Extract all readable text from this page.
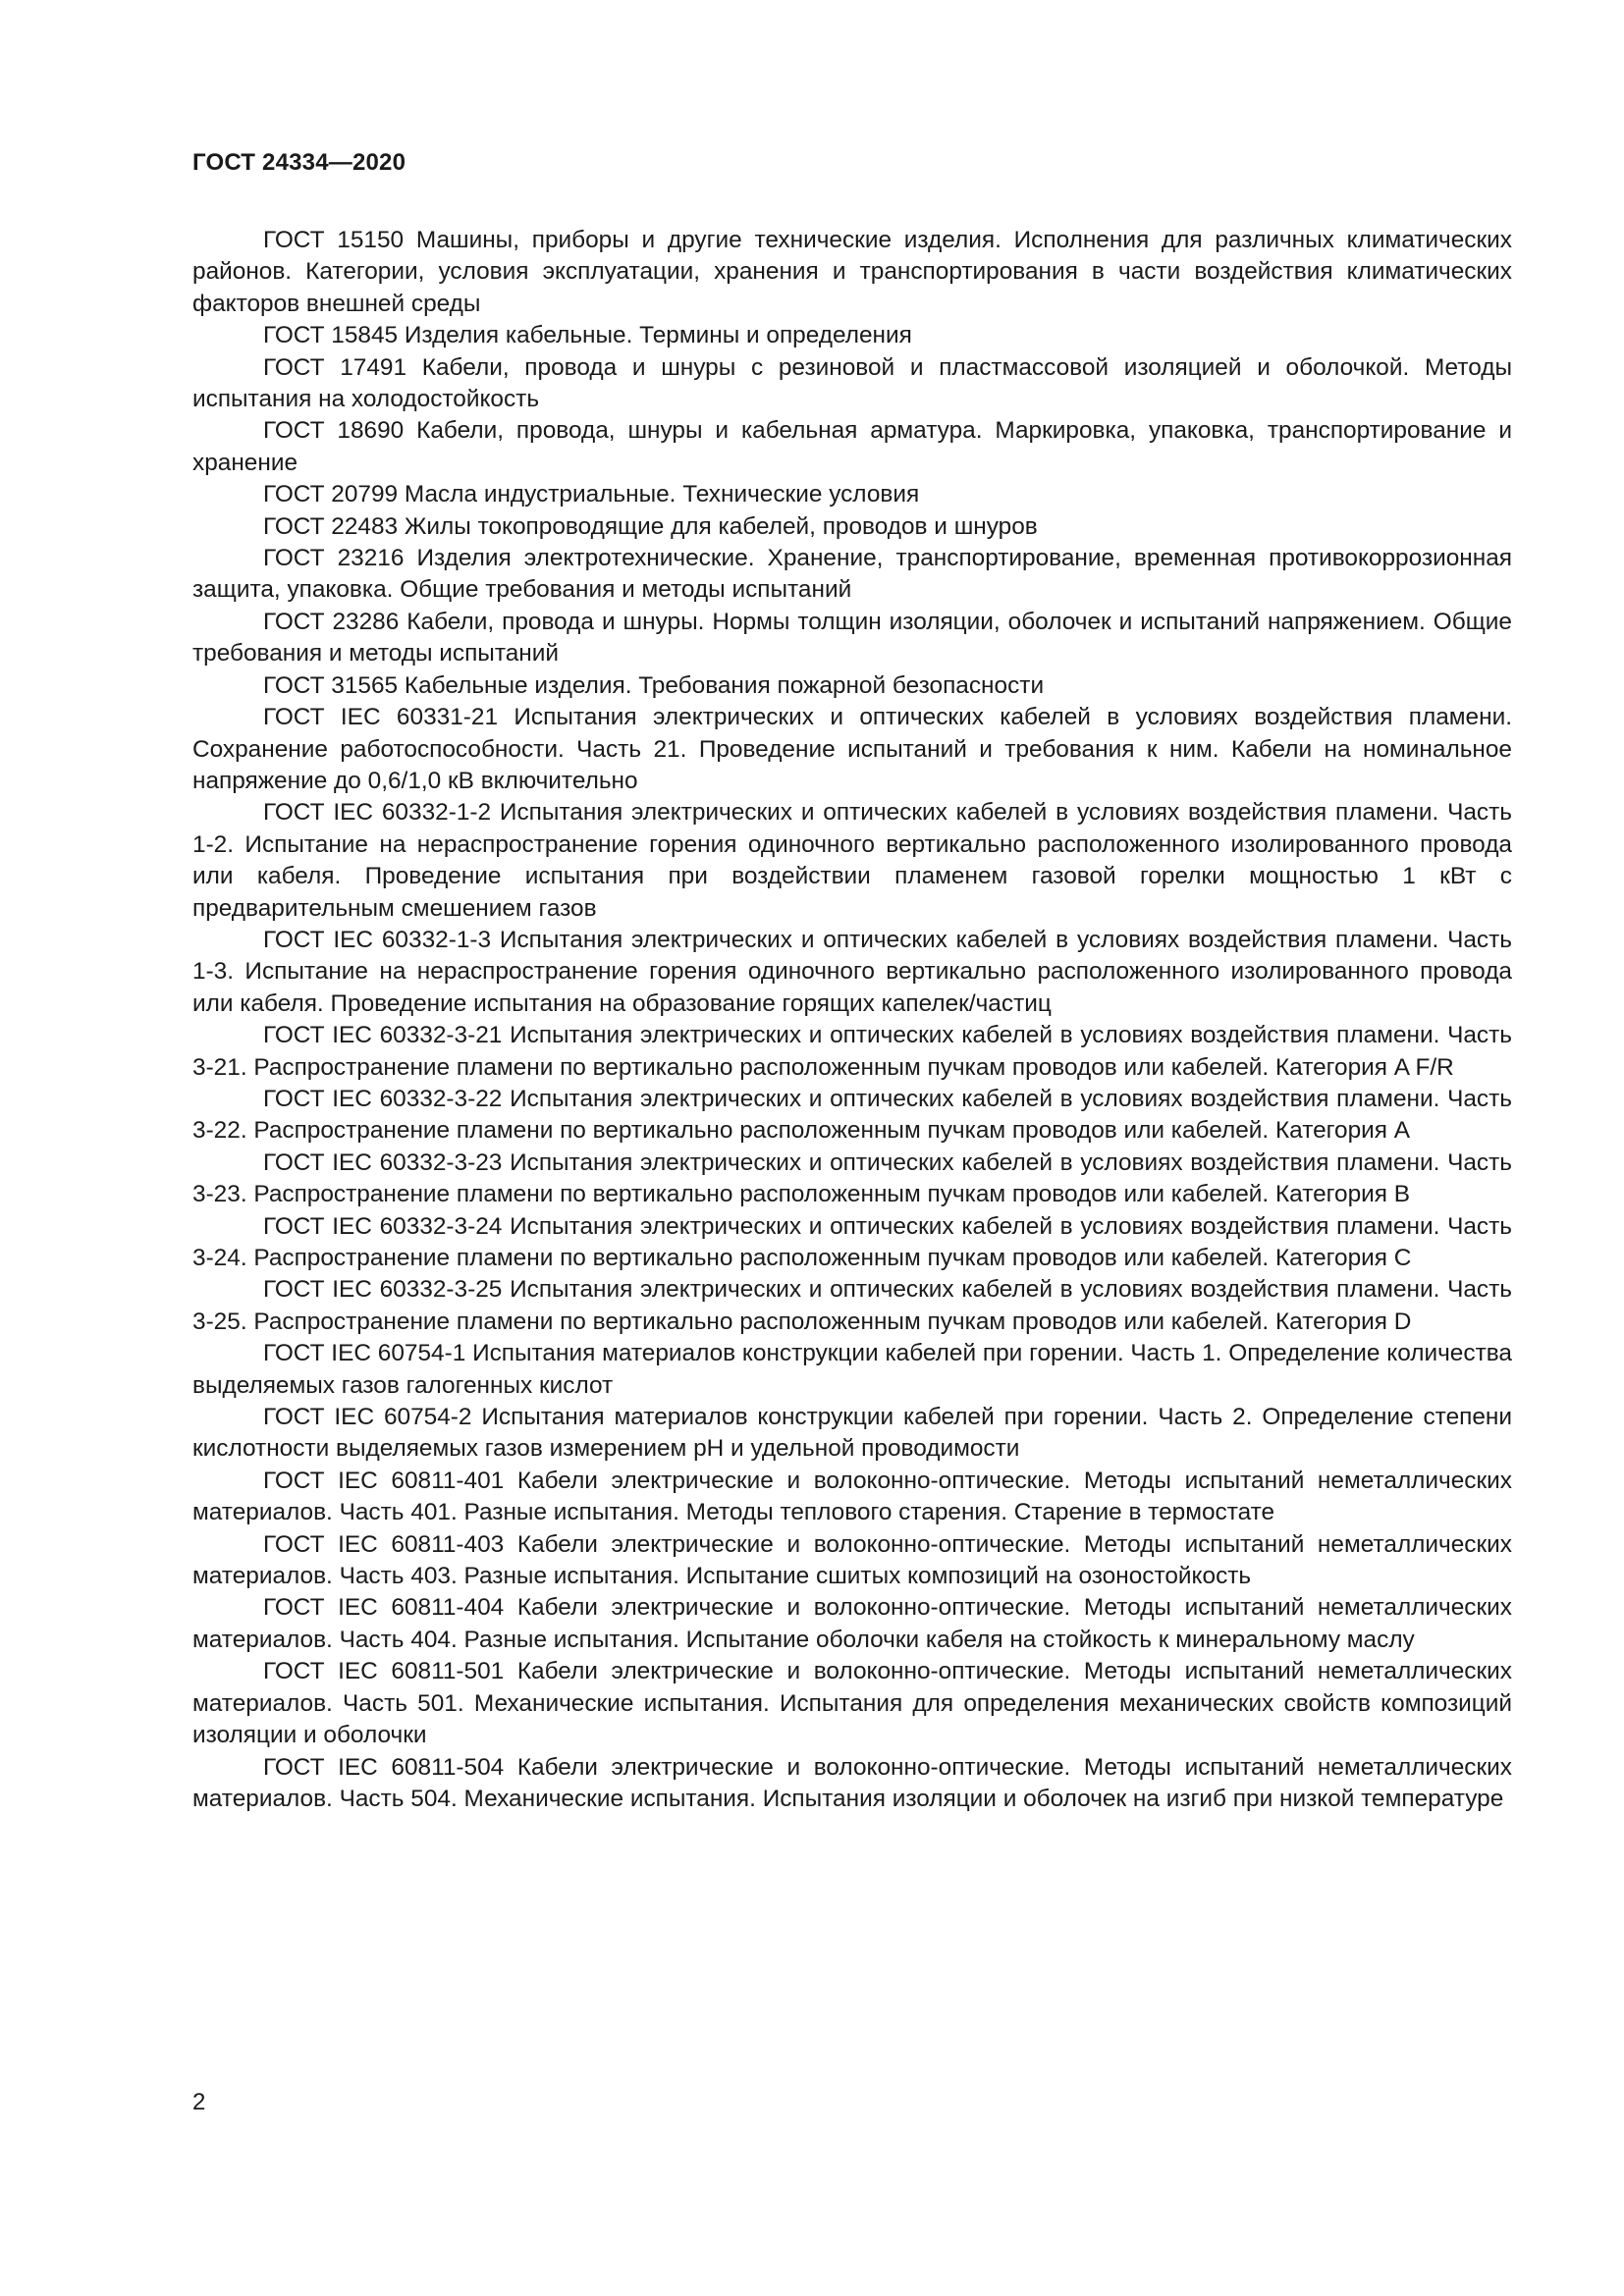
ГОСТ 24334—2020

ГОСТ 15150 Машины, приборы и другие технические изделия. Исполнения для различных климатических районов. Категории, условия эксплуатации, хранения и транспортирования в части воздействия климатических факторов внешней среды

ГОСТ 15845 Изделия кабельные. Термины и определения

ГОСТ 17491 Кабели, провода и шнуры с резиновой и пластмассовой изоляцией и оболочкой. Методы испытания на холодостойкость

ГОСТ 18690 Кабели, провода, шнуры и кабельная арматура. Маркировка, упаковка, транспортирование и хранение

ГОСТ 20799 Масла индустриальные. Технические условия

ГОСТ 22483 Жилы токопроводящие для кабелей, проводов и шнуров

ГОСТ 23216 Изделия электротехнические. Хранение, транспортирование, временная противокоррозионная защита, упаковка. Общие требования и методы испытаний

ГОСТ 23286 Кабели, провода и шнуры. Нормы толщин изоляции, оболочек и испытаний напряжением. Общие требования и методы испытаний

ГОСТ 31565 Кабельные изделия. Требования пожарной безопасности

ГОСТ IEC 60331-21 Испытания электрических и оптических кабелей в условиях воздействия пламени. Сохранение работоспособности. Часть 21. Проведение испытаний и требования к ним. Кабели на номинальное напряжение до 0,6/1,0 кВ включительно

ГОСТ IEC 60332-1-2 Испытания электрических и оптических кабелей в условиях воздействия пламени. Часть 1-2. Испытание на нераспространение горения одиночного вертикально расположенного изолированного провода или кабеля. Проведение испытания при воздействии пламенем газовой горелки мощностью 1 кВт с предварительным смешением газов

ГОСТ IEC 60332-1-3 Испытания электрических и оптических кабелей в условиях воздействия пламени. Часть 1-3. Испытание на нераспространение горения одиночного вертикально расположенного изолированного провода или кабеля. Проведение испытания на образование горящих капелек/частиц

ГОСТ IEC 60332-3-21 Испытания электрических и оптических кабелей в условиях воздействия пламени. Часть 3-21. Распространение пламени по вертикально расположенным пучкам проводов или кабелей. Категория A F/R

ГОСТ IEC 60332-3-22 Испытания электрических и оптических кабелей в условиях воздействия пламени. Часть 3-22. Распространение пламени по вертикально расположенным пучкам проводов или кабелей. Категория A

ГОСТ IEC 60332-3-23 Испытания электрических и оптических кабелей в условиях воздействия пламени. Часть 3-23. Распространение пламени по вертикально расположенным пучкам проводов или кабелей. Категория B

ГОСТ IEC 60332-3-24 Испытания электрических и оптических кабелей в условиях воздействия пламени. Часть 3-24. Распространение пламени по вертикально расположенным пучкам проводов или кабелей. Категория C

ГОСТ IEC 60332-3-25 Испытания электрических и оптических кабелей в условиях воздействия пламени. Часть 3-25. Распространение пламени по вертикально расположенным пучкам проводов или кабелей. Категория D

ГОСТ IEC 60754-1 Испытания материалов конструкции кабелей при горении. Часть 1. Определение количества выделяемых газов галогенных кислот

ГОСТ IEC 60754-2 Испытания материалов конструкции кабелей при горении. Часть 2. Определение степени кислотности выделяемых газов измерением pH и удельной проводимости

ГОСТ IEC 60811-401 Кабели электрические и волоконно-оптические. Методы испытаний неметаллических материалов. Часть 401. Разные испытания. Методы теплового старения. Старение в термостате

ГОСТ IEC 60811-403 Кабели электрические и волоконно-оптические. Методы испытаний неметаллических материалов. Часть 403. Разные испытания. Испытание сшитых композиций на озоностойкость

ГОСТ IEC 60811-404 Кабели электрические и волоконно-оптические. Методы испытаний неметаллических материалов. Часть 404. Разные испытания. Испытание оболочки кабеля на стойкость к минеральному маслу

ГОСТ IEC 60811-501 Кабели электрические и волоконно-оптические. Методы испытаний неметаллических материалов. Часть 501. Механические испытания. Испытания для определения механических свойств композиций изоляции и оболочки

ГОСТ IEC 60811-504 Кабели электрические и волоконно-оптические. Методы испытаний неметаллических материалов. Часть 504. Механические испытания. Испытания изоляции и оболочек на изгиб при низкой температуре

2
